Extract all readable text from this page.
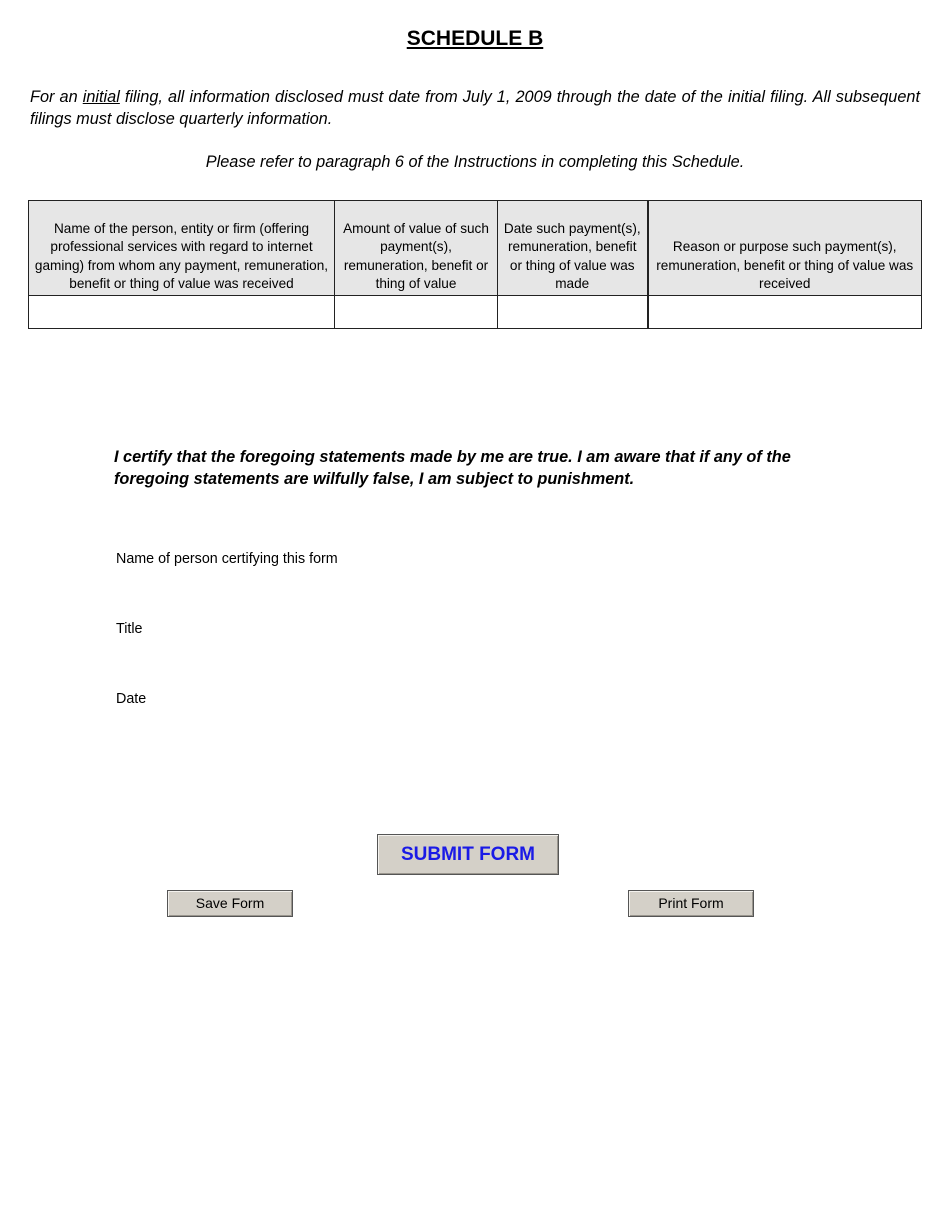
SCHEDULE B

For an initial filing, all information disclosed must date from July 1, 2009 through the date of the initial filing. All subsequent filings must disclose quarterly information.

Please refer to paragraph 6 of the Instructions in completing this Schedule.

Name of the person, entity or firm (offering professional services with regard to internet gaming) from whom any payment, remuneration, benefit or thing of value was received	Amount of value of such payment(s), remuneration, benefit or thing of value	Date such payment(s), remuneration, benefit or thing of value was made	Reason or purpose such payment(s), remuneration, benefit or thing of value was received

I certify that the foregoing statements made by me are true. I am aware that if any of the foregoing statements are wilfully false, I am subject to punishment.

Name of person certifying this form

Title

Date

SUBMIT FORM
Save Form	Print Form
